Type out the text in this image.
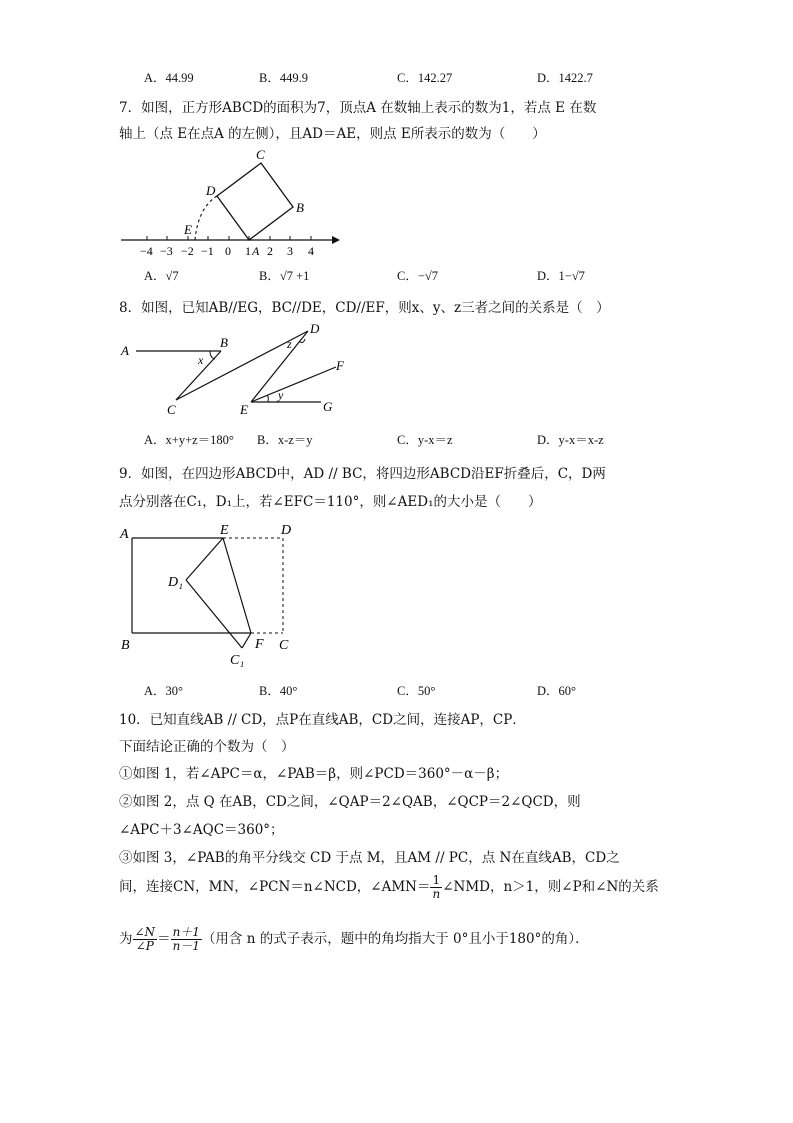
A．44.99	B．449.9	C．142.27	D．1422.7
7．如图，正方形ABCD的面积为7，顶点A 在数轴上表示的数为1，若点 E 在数
轴上（点 E在点A 的左侧），且AD＝AE，则点 E所表示的数为（　　）
−4 −3 −2 −1 0 1 2 3 4
C
D
B
E
A
A．√7	B．√7 +1	C．−√7	D．1−√7
8．如图，已知AB//EG，BC//DE，CD//EF，则x、y、z三者之间的关系是（　）
A
B
x
C
D
z
F
E
y
G
A．x+y+z＝180° B．x-z＝y	C．y-x＝z	D．y-x＝x-z
9．如图，在四边形ABCD中，AD // BC，将四边形ABCD沿EF折叠后，C，D两
点分别落在C₁，D₁上，若∠EFC＝110°，则∠AED₁的大小是（　　）
A	E	D
D₁
B	F C
C₁
A．30°	B．40°	C．50°	D．60°
10．已知直线AB // CD，点P在直线AB，CD之间，连接AP，CP．
下面结论正确的个数为（　）
①如图 1，若∠APC＝α，∠PAB＝β，则∠PCD＝360°－α－β；
②如图 2，点 Q 在AB，CD之间，∠QAP＝2∠QAB，∠QCP＝2∠QCD，则
∠APC＋3∠AQC＝360°；
③如图 3，∠PAB的角平分线交 CD 于点 M，且AM // PC，点 N在直线AB，CD之
间，连接CN，MN，∠PCN＝n∠NCD，∠AMN＝ $\frac{1}{n}$ ∠NMD，n＞1，则∠P和∠N的关系
为 $\frac{\angle N}{\angle P} = \frac{n+1}{n-1}$ （用含 n 的式子表示，题中的角均指大于 0°且小于180°的角）．
